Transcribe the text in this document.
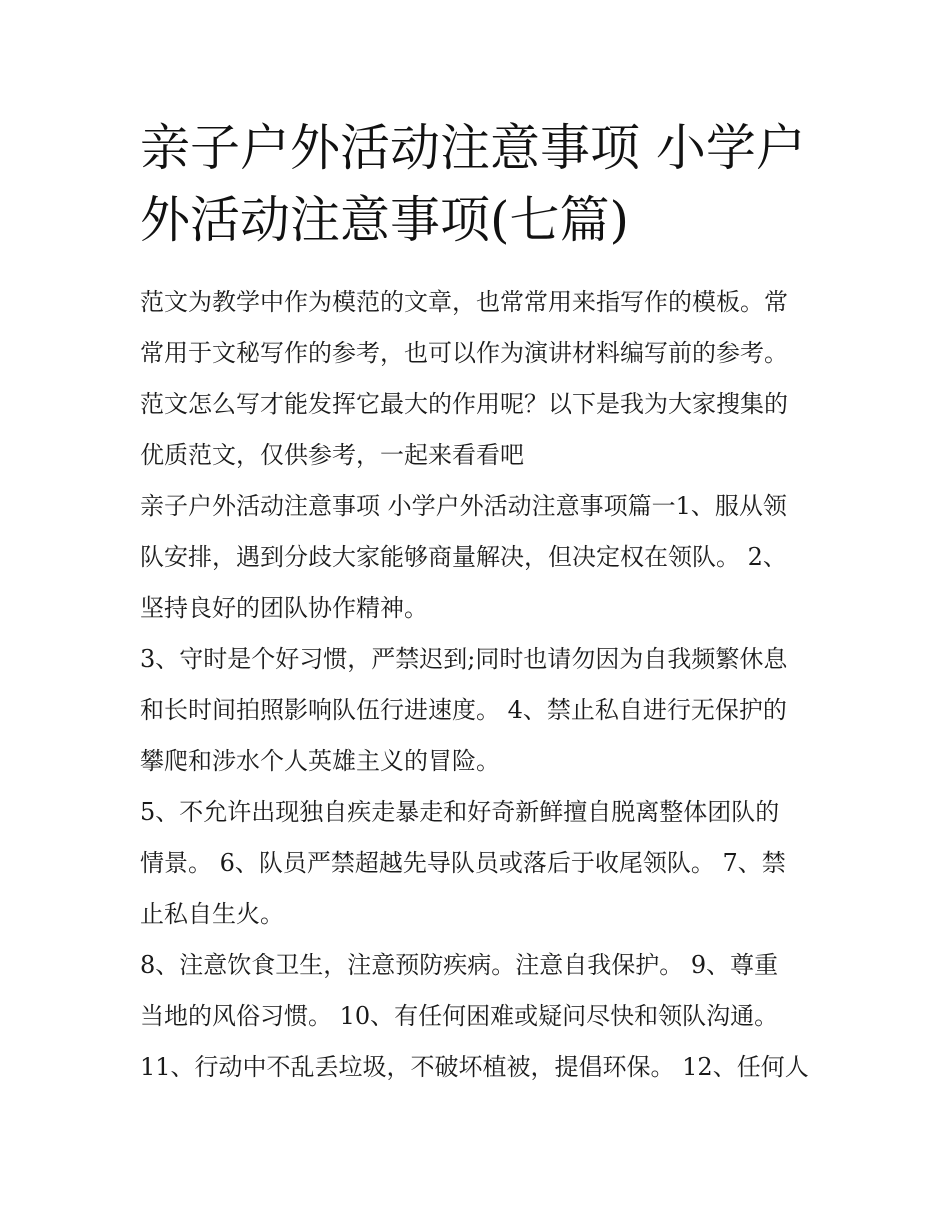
亲子户外活动注意事项 小学户
外活动注意事项(七篇)

范文为教学中作为模范的文章，也常常用来指写作的模板。常
常用于文秘写作的参考，也可以作为演讲材料编写前的参考。
范文怎么写才能发挥它最大的作用呢？以下是我为大家搜集的
优质范文，仅供参考，一起来看看吧

亲子户外活动注意事项 小学户外活动注意事项篇一1、服从领
队安排，遇到分歧大家能够商量解决，但决定权在领队。 2、
坚持良好的团队协作精神。

3、守时是个好习惯，严禁迟到;同时也请勿因为自我频繁休息
和长时间拍照影响队伍行进速度。 4、禁止私自进行无保护的
攀爬和涉水个人英雄主义的冒险。

5、不允许出现独自疾走暴走和好奇新鲜擅自脱离整体团队的
情景。 6、队员严禁超越先导队员或落后于收尾领队。 7、禁
止私自生火。

8、注意饮食卫生，注意预防疾病。注意自我保护。 9、尊重
当地的风俗习惯。 10、有任何困难或疑问尽快和领队沟通。
11、行动中不乱丢垃圾，不破坏植被，提倡环保。 12、任何人
